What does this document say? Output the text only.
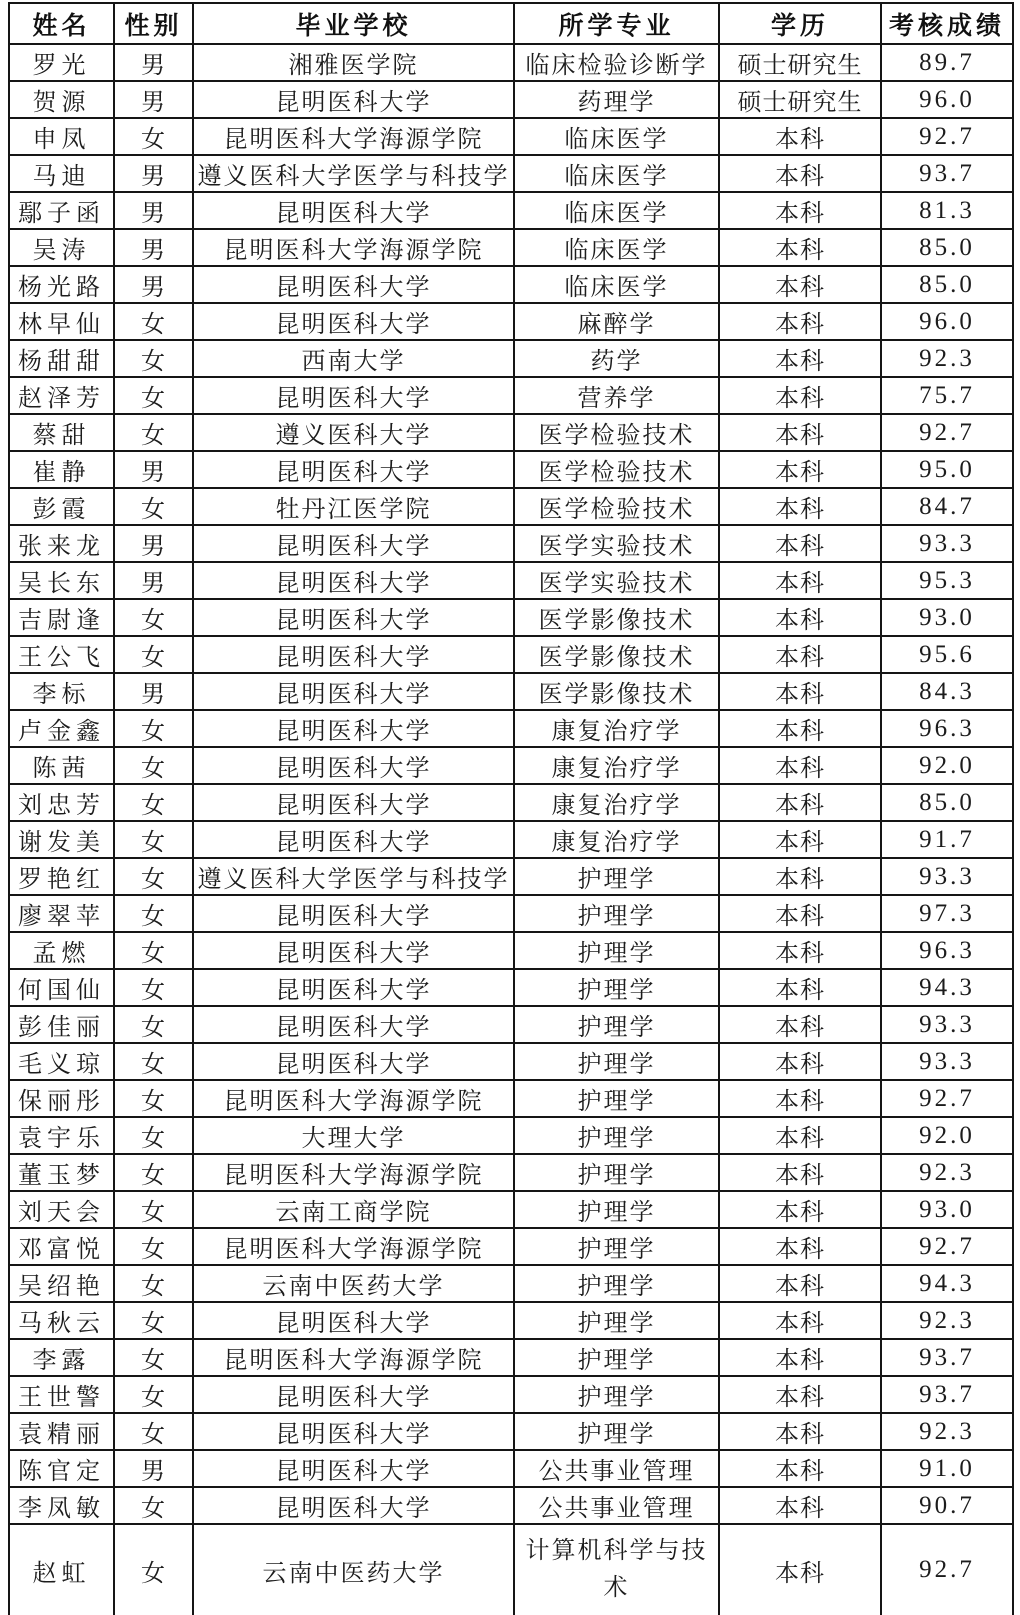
姓名	性别	毕业学校	所学专业	学历	考核成绩
罗光	男	湘雅医学院	临床检验诊断学	硕士研究生	89.7
贺源	男	昆明医科大学	药理学	硕士研究生	96.0
申凤	女	昆明医科大学海源学院	临床医学	本科	92.7
马迪	男	遵义医科大学医学与科技学	临床医学	本科	93.7
鄢子函	男	昆明医科大学	临床医学	本科	81.3
吴涛	男	昆明医科大学海源学院	临床医学	本科	85.0
杨光路	男	昆明医科大学	临床医学	本科	85.0
林早仙	女	昆明医科大学	麻醉学	本科	96.0
杨甜甜	女	西南大学	药学	本科	92.3
赵泽芳	女	昆明医科大学	营养学	本科	75.7
蔡甜	女	遵义医科大学	医学检验技术	本科	92.7
崔静	男	昆明医科大学	医学检验技术	本科	95.0
彭霞	女	牡丹江医学院	医学检验技术	本科	84.7
张来龙	男	昆明医科大学	医学实验技术	本科	93.3
吴长东	男	昆明医科大学	医学实验技术	本科	95.3
吉尉逢	女	昆明医科大学	医学影像技术	本科	93.0
王公飞	女	昆明医科大学	医学影像技术	本科	95.6
李标	男	昆明医科大学	医学影像技术	本科	84.3
卢金鑫	女	昆明医科大学	康复治疗学	本科	96.3
陈茜	女	昆明医科大学	康复治疗学	本科	92.0
刘忠芳	女	昆明医科大学	康复治疗学	本科	85.0
谢发美	女	昆明医科大学	康复治疗学	本科	91.7
罗艳红	女	遵义医科大学医学与科技学	护理学	本科	93.3
廖翠苹	女	昆明医科大学	护理学	本科	97.3
孟燃	女	昆明医科大学	护理学	本科	96.3
何国仙	女	昆明医科大学	护理学	本科	94.3
彭佳丽	女	昆明医科大学	护理学	本科	93.3
毛义琼	女	昆明医科大学	护理学	本科	93.3
保丽彤	女	昆明医科大学海源学院	护理学	本科	92.7
袁宇乐	女	大理大学	护理学	本科	92.0
董玉梦	女	昆明医科大学海源学院	护理学	本科	92.3
刘天会	女	云南工商学院	护理学	本科	93.0
邓富悦	女	昆明医科大学海源学院	护理学	本科	92.7
吴绍艳	女	云南中医药大学	护理学	本科	94.3
马秋云	女	昆明医科大学	护理学	本科	92.3
李露	女	昆明医科大学海源学院	护理学	本科	93.7
王世警	女	昆明医科大学	护理学	本科	93.7
袁精丽	女	昆明医科大学	护理学	本科	92.3
陈官定	男	昆明医科大学	公共事业管理	本科	91.0
李凤敏	女	昆明医科大学	公共事业管理	本科	90.7
赵虹	女	云南中医药大学	计算机科学与技术	本科	92.7
